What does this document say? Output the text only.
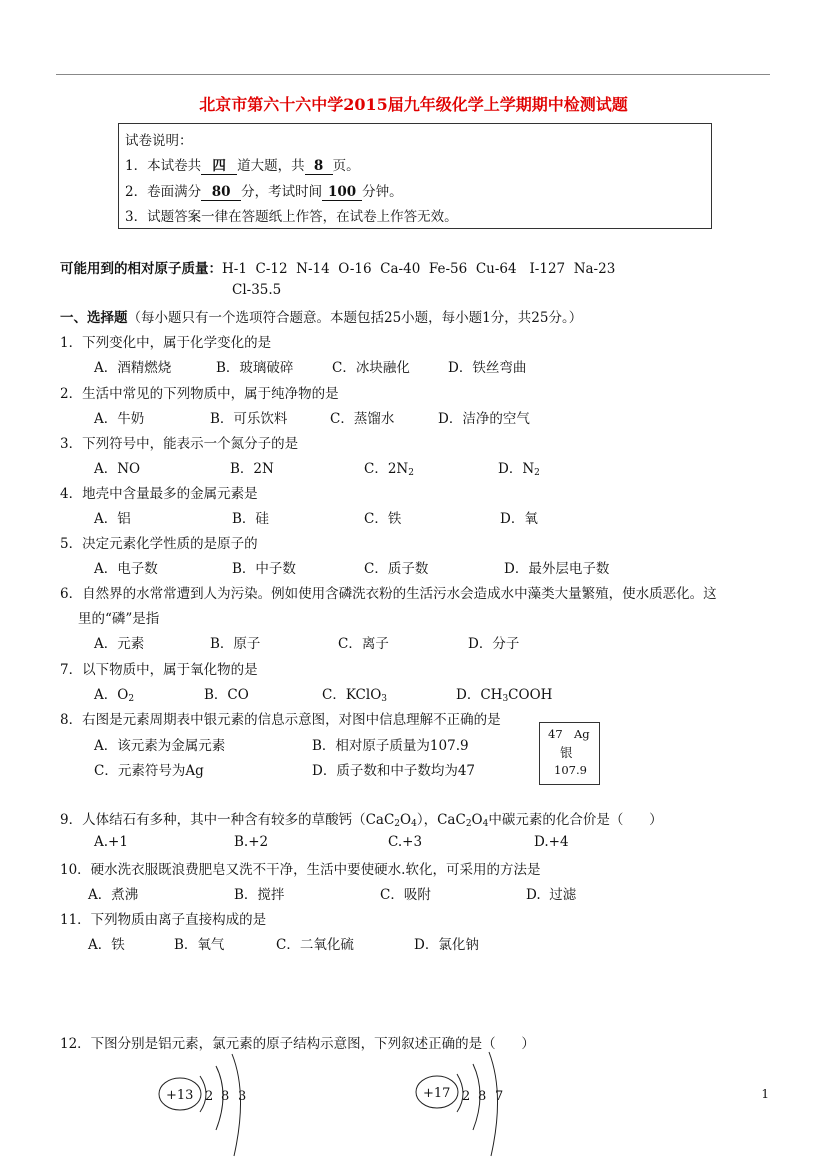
北京市第六十六中学2015届九年级化学上学期期中检测试题
试卷说明：
1．本试卷共 四 道大题，共 8 页。
2．卷面满分 80 分，考试时间 100 分钟。
3．试题答案一律在答题纸上作答，在试卷上作答无效。
可能用到的相对原子质量：H-1  C-12  N-14  O-16  Ca-40  Fe-56  Cu-64   I-127  Na-23
Cl-35.5
一、选择题（每小题只有一个选项符合题意。本题包括25小题，每小题1分，共25分。）
1．下列变化中，属于化学变化的是
A．酒精燃烧	B．玻璃破碎	C．冰块融化	D．铁丝弯曲
2．生活中常见的下列物质中，属于纯净物的是
A．牛奶	B．可乐饮料	C．蒸馏水	D．洁净的空气
3．下列符号中，能表示一个氮分子的是
A．NO	B．2N	C．$2N_2$	D．$N_2$
4．地壳中含量最多的金属元素是
A．铝	B．硅	C．铁	D．氧
5．决定元素化学性质的是原子的
A．电子数	B．中子数	C．质子数	D．最外层电子数
6．自然界的水常常遭到人为污染。例如使用含磷洗衣粉的生活污水会造成水中藻类大量繁殖，使水质恶化。这
里的“磷”是指
A．元素	B．原子	C．离子	D．分子
7．以下物质中，属于氧化物的是
A．$O_2$	B．CO	C．KClO$_3$	D．$CH_3COOH$
8．右图是元素周期表中银元素的信息示意图，对图中信息理解不正确的是
A．该元素为金属元素	B．相对原子质量为107.9
C．元素符号为Ag	D．质子数和中子数均为47
47 Ag
银
107.9
9．人体结石有多种，其中一种含有较多的草酸钙$(CaC_2O_4)$，$CaC_2O_4$中碳元素的化合价是（      ）
A.+1	B.+2	C.+3	D.+4
10．硬水洗衣服既浪费肥皂又洗不干净，生活中要使硬水.软化，可采用的方法是
A．煮沸	B．搅拌	C．吸附	D.  过滤
11．下列物质由离子直接构成的是
A．铁	B．氧气	C．二氧化硫	D．氯化钠
12．下图分别是铝元素，氯元素的原子结构示意图，下列叙述正确的是（      ）
+13 2 8 3	+17 2 8 7	1
